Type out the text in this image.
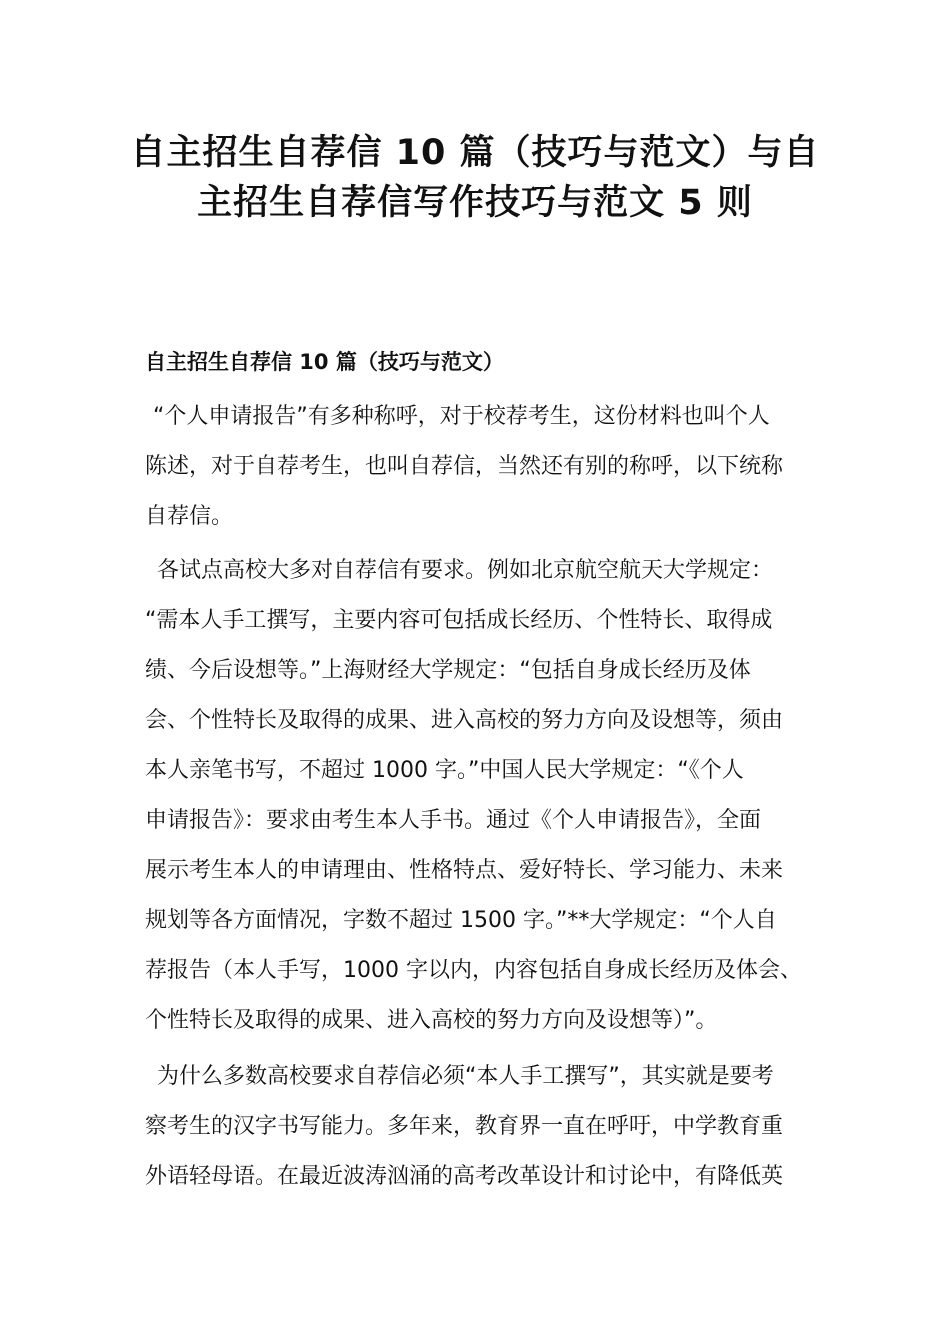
自主招生自荐信 10 篇（技巧与范文）与自
主招生自荐信写作技巧与范文 5 则
自主招生自荐信 10 篇（技巧与范文）

“个人申请报告”有多种称呼，对于校荐考生，这份材料也叫个人

陈述，对于自荐考生，也叫自荐信，当然还有别的称呼，以下统称

自荐信。

各试点高校大多对自荐信有要求。例如北京航空航天大学规定：

“需本人手工撰写，主要内容可包括成长经历、个性特长、取得成

绩、今后设想等。”上海财经大学规定：“包括自身成长经历及体

会、个性特长及取得的成果、进入高校的努力方向及设想等，须由

本人亲笔书写，不超过 1000 字。”中国人民大学规定：“《个人

申请报告》：要求由考生本人手书。通过《个人申请报告》，全面

展示考生本人的申请理由、性格特点、爱好特长、学习能力、未来

规划等各方面情况，字数不超过 1500 字。”**大学规定：“个人自

荐报告（本人手写，1000 字以内，内容包括自身成长经历及体会、

个性特长及取得的成果、进入高校的努力方向及设想等）”。

为什么多数高校要求自荐信必须“本人手工撰写”，其实就是要考

察考生的汉字书写能力。多年来，教育界一直在呼吁，中学教育重

外语轻母语。在最近波涛汹涌的高考改革设计和讨论中，有降低英
